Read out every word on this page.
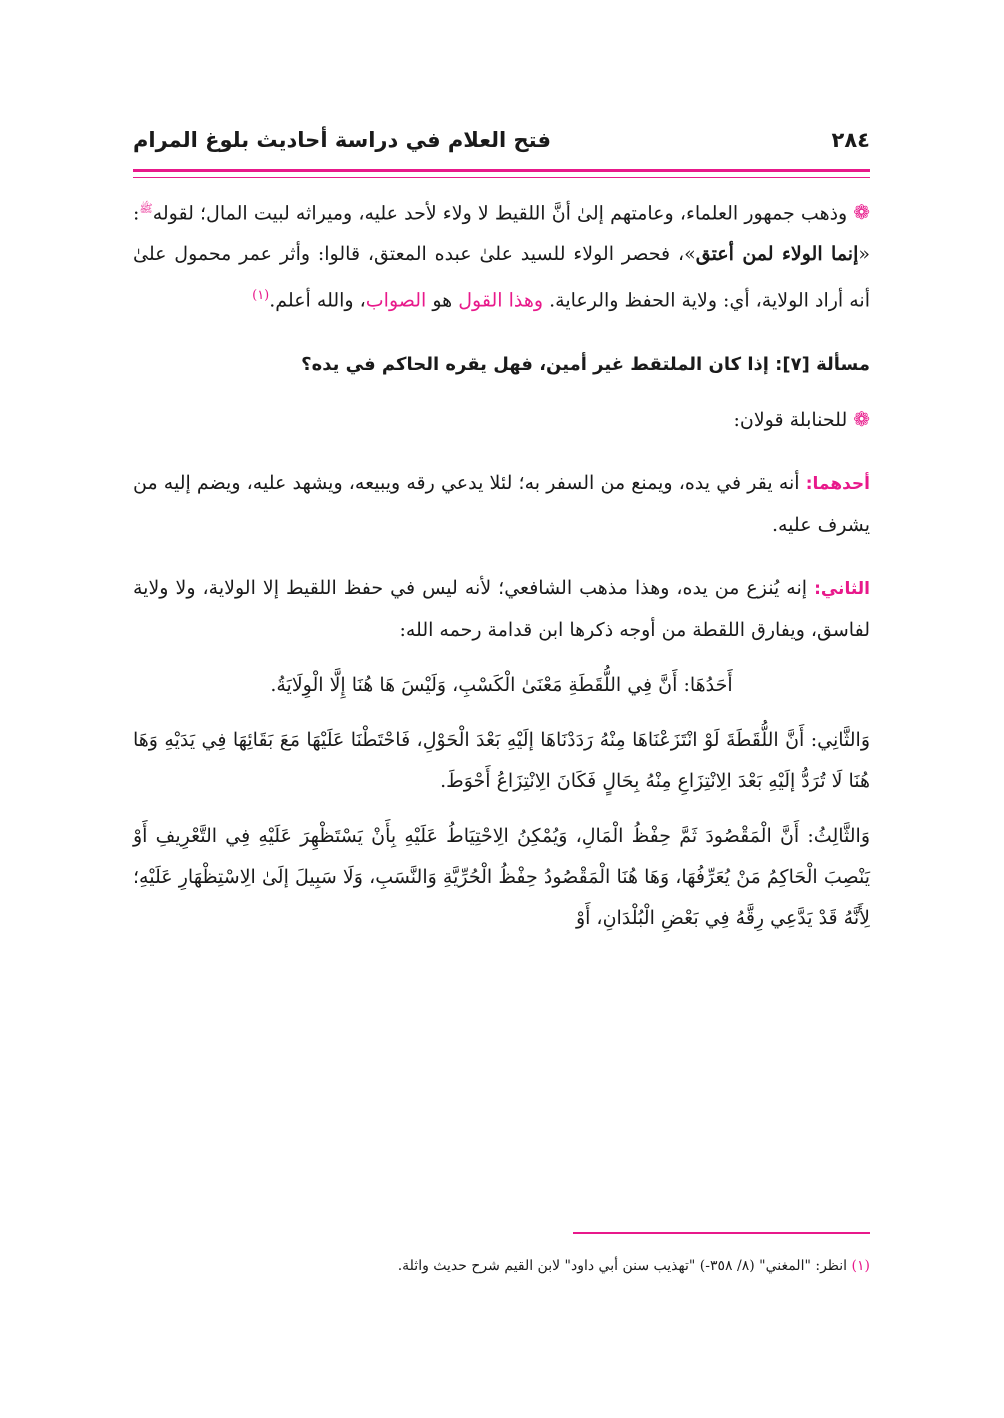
٢٨٤
فتح العلام في دراسة أحاديث بلوغ المرام

❁وذهب جمهور العلماء، وعامتهم إلىٰ أنَّ اللقيط لا ولاء لأحد عليه، وميراثه لبيت المال؛ لقوله$^ﷺ$: «إنما الولاء لمن أعتق»، فحصر الولاء للسيد علىٰ عبده المعتق، قالوا: وأثر عمر محمول علىٰ أنه أراد الولاية، أي: ولاية الحفظ والرعاية. وهذا القول هو الصواب، والله أعلم.$^{(١)}$

مسألة [٧]: إذا كان الملتقط غير أمين، فهل يقره الحاكم في يده؟

❁للحنابلة قولان:

أحدهما: أنه يقر في يده، ويمنع من السفر به؛ لئلا يدعي رقه ويبيعه، ويشهد عليه، ويضم إليه من يشرف عليه.

الثاني: إنه يُنزع من يده، وهذا مذهب الشافعي؛ لأنه ليس في حفظ اللقيط إلا الولاية، ولا ولاية لفاسق، ويفارق اللقطة من أوجه ذكرها ابن قدامة رحمه الله:

أَحَدُهَا: أَنَّ فِي اللُّقَطَةِ مَعْنَىٰ الْكَسْبِ، وَلَيْسَ هَا هُنَا إِلَّا الْوِلَايَةُ.

وَالثَّانِي: أَنَّ اللُّقَطَةَ لَوْ انْتَزَعْنَاهَا مِنْهُ رَدَدْنَاهَا إلَيْهِ بَعْدَ الْحَوْلِ، فَاحْتَطْنَا عَلَيْهَا مَعَ بَقَائِهَا فِي يَدَيْهِ وَهَا هُنَا لَا تُرَدُّ إلَيْهِ بَعْدَ الِانْتِزَاعِ مِنْهُ بِحَالٍ فَكَانَ الِانْتِزَاعُ أَحْوَطَ.

وَالثَّالِثُ: أَنَّ الْمَقْصُودَ ثَمَّ حِفْظُ الْمَالِ، وَيُمْكِنُ الِاحْتِيَاطُ عَلَيْهِ بِأَنْ يَسْتَظْهِرَ عَلَيْهِ فِي التَّعْرِيفِ أَوْ يَنْصِبَ الْحَاكِمُ مَنْ يُعَرِّفُهَا، وَهَا هُنَا الْمَقْصُودُ حِفْظُ الْحُرِّيَّةِ وَالنَّسَبِ، وَلَا سَبِيلَ إلَىٰ الِاسْتِظْهَارِ عَلَيْهِ؛ لِأَنَّهُ قَدْ يَدَّعِي رِقَّهُ فِي بَعْضِ الْبُلْدَانِ، أَوْ

(١) انظر: "المغني" (٨/ ٣٥٨-) "تهذيب سنن أبي داود" لابن القيم شرح حديث واثلة.
